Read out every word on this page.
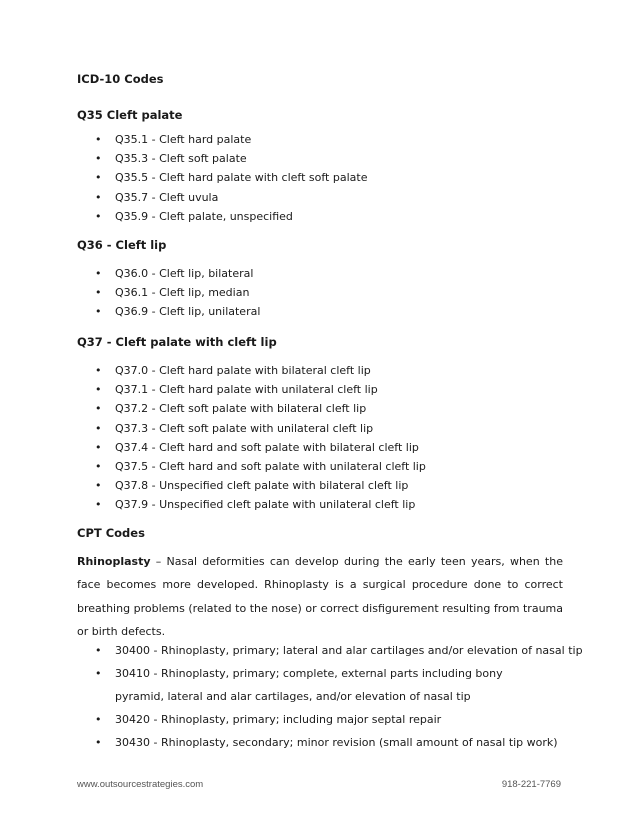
ICD-10 Codes
Q35 Cleft palate
• Q35.1 - Cleft hard palate
• Q35.3 - Cleft soft palate
• Q35.5 - Cleft hard palate with cleft soft palate
• Q35.7 - Cleft uvula
• Q35.9 - Cleft palate, unspecified
Q36 - Cleft lip
• Q36.0 - Cleft lip, bilateral
• Q36.1 - Cleft lip, median
• Q36.9 - Cleft lip, unilateral
Q37 - Cleft palate with cleft lip
• Q37.0 - Cleft hard palate with bilateral cleft lip
• Q37.1 - Cleft hard palate with unilateral cleft lip
• Q37.2 - Cleft soft palate with bilateral cleft lip
• Q37.3 - Cleft soft palate with unilateral cleft lip
• Q37.4 - Cleft hard and soft palate with bilateral cleft lip
• Q37.5 - Cleft hard and soft palate with unilateral cleft lip
• Q37.8 - Unspecified cleft palate with bilateral cleft lip
• Q37.9 - Unspecified cleft palate with unilateral cleft lip
CPT Codes

Rhinoplasty – Nasal deformities can develop during the early teen years, when the face becomes more developed. Rhinoplasty is a surgical procedure done to correct breathing problems (related to the nose) or correct disfigurement resulting from trauma or birth defects.

• 30400 - Rhinoplasty, primary; lateral and alar cartilages and/or elevation of nasal tip
• 30410 - Rhinoplasty, primary; complete, external parts including bony pyramid, lateral and alar cartilages, and/or elevation of nasal tip
• 30420 - Rhinoplasty, primary; including major septal repair
• 30430 - Rhinoplasty, secondary; minor revision (small amount of nasal tip work)
www.outsourcestrategies.com	918-221-7769
